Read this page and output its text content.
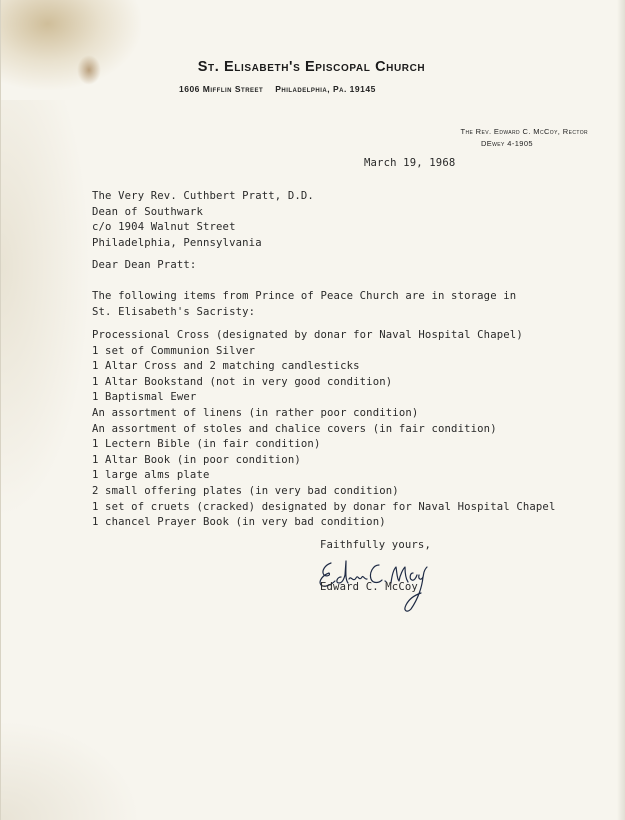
St. Elisabeth's Episcopal Church
1606 Mifflin Street Philadelphia, Pa. 19145
The Rev. Edward C. McCoy, Rector
DEwey 4-1905
March 19, 1968
The Very Rev. Cuthbert Pratt, D.D.
Dean of Southwark
c/o 1904 Walnut Street
Philadelphia, Pennsylvania
Dear Dean Pratt:
The following items from Prince of Peace Church are in storage in
St. Elisabeth's Sacristy:
Processional Cross (designated by donar for Naval Hospital Chapel)
1 set of Communion Silver
1 Altar Cross and 2 matching candlesticks
1 Altar Bookstand (not in very good condition)
1 Baptismal Ewer
An assortment of linens (in rather poor condition)
An assortment of stoles and chalice covers (in fair condition)
1 Lectern Bible (in fair condition)
1 Altar Book (in poor condition)
1 large alms plate
2 small offering plates (in very bad condition)
1 set of cruets (cracked) designated by donar for Naval Hospital Chapel
1 chancel Prayer Book (in very bad condition)
Faithfully yours,
Edward C. McCoy
